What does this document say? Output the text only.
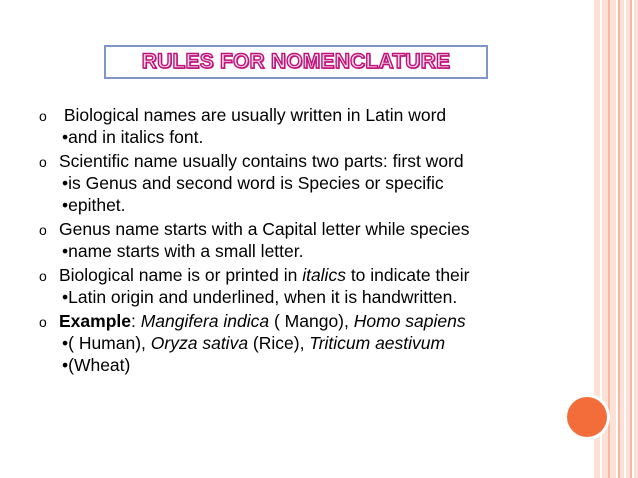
RULES FOR NOMENCLATURE
o Biological names are usually written in Latin word
•and in italics font.
o Scientific name usually contains two parts: first word
•is Genus and second word is Species or specific
•epithet.
o Genus name starts with a Capital letter while species
•name starts with a small letter.
o Biological name is or printed in italics to indicate their
•Latin origin and underlined, when it is handwritten.
o Example: Mangifera indica ( Mango), Homo sapiens
•( Human), Oryza sativa (Rice), Triticum aestivum
•(Wheat)
